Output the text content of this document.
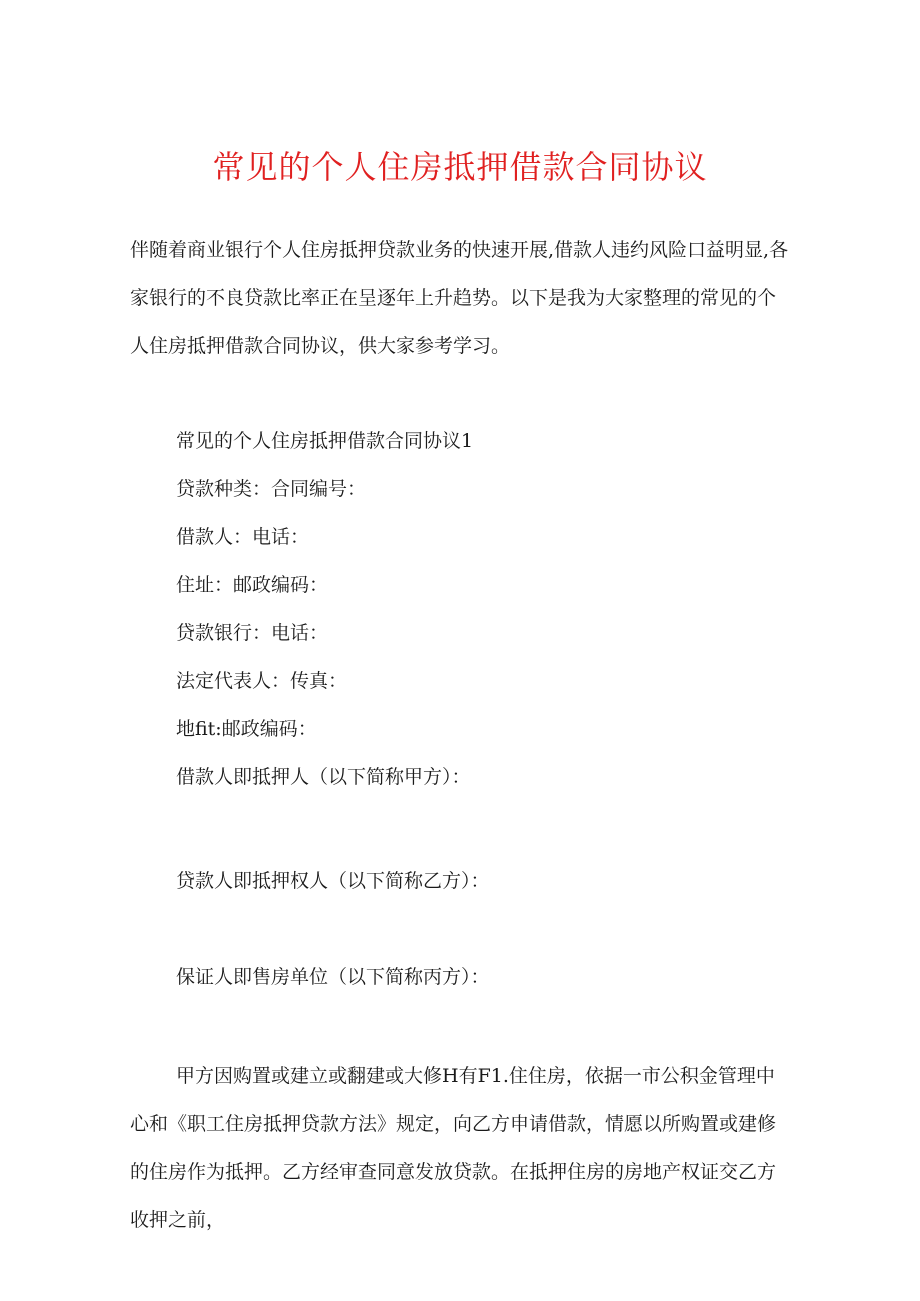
常见的个人住房抵押借款合同协议

伴随着商业银行个人住房抵押贷款业务的快速开展,借款人违约风险口益明显,各家银行的不良贷款比率正在呈逐年上升趋势。以下是我为大家整理的常见的个人住房抵押借款合同协议，供大家参考学习。

常见的个人住房抵押借款合同协议1

贷款种类：合同编号：

借款人：电话：

住址：邮政编码：

贷款银行：电话：

法定代表人：传真：

地fit:邮政编码：

借款人即抵押人（以下简称甲方）：

贷款人即抵押权人（以下简称乙方）：

保证人即售房单位（以下简称丙方）：

甲方因购置或建立或翻建或大修H有F1.住住房，依据一市公积金管理中心和《职工住房抵押贷款方法》规定，向乙方申请借款，情愿以所购置或建修的住房作为抵押。乙方经审查同意发放贷款。在抵押住房的房地产权证交乙方收押之前，
